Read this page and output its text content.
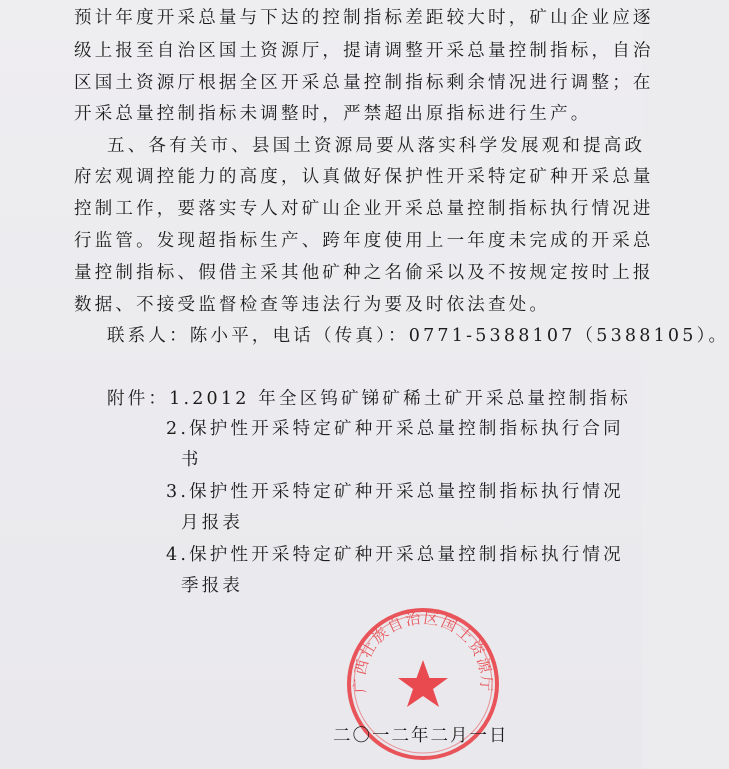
预计年度开采总量与下达的控制指标差距较大时，矿山企业应逐
级上报至自治区国土资源厅，提请调整开采总量控制指标，自治
区国土资源厅根据全区开采总量控制指标剩余情况进行调整；在
开采总量控制指标未调整时，严禁超出原指标进行生产。
五、各有关市、县国土资源局要从落实科学发展观和提高政
府宏观调控能力的高度，认真做好保护性开采特定矿种开采总量
控制工作，要落实专人对矿山企业开采总量控制指标执行情况进
行监管。发现超指标生产、跨年度使用上一年度未完成的开采总
量控制指标、假借主采其他矿种之名偷采以及不按规定按时上报
数据、不接受监督检查等违法行为要及时依法查处。
联系人：陈小平，电话（传真）：0771-5388107（5388105）。
附件：1.2012 年全区钨矿锑矿稀土矿开采总量控制指标
2.保护性开采特定矿种开采总量控制指标执行合同
书
3.保护性开采特定矿种开采总量控制指标执行情况
月报表
4.保护性开采特定矿种开采总量控制指标执行情况
季报表
广西壮族自治区国土资源厅
二〇一二年二月一日
